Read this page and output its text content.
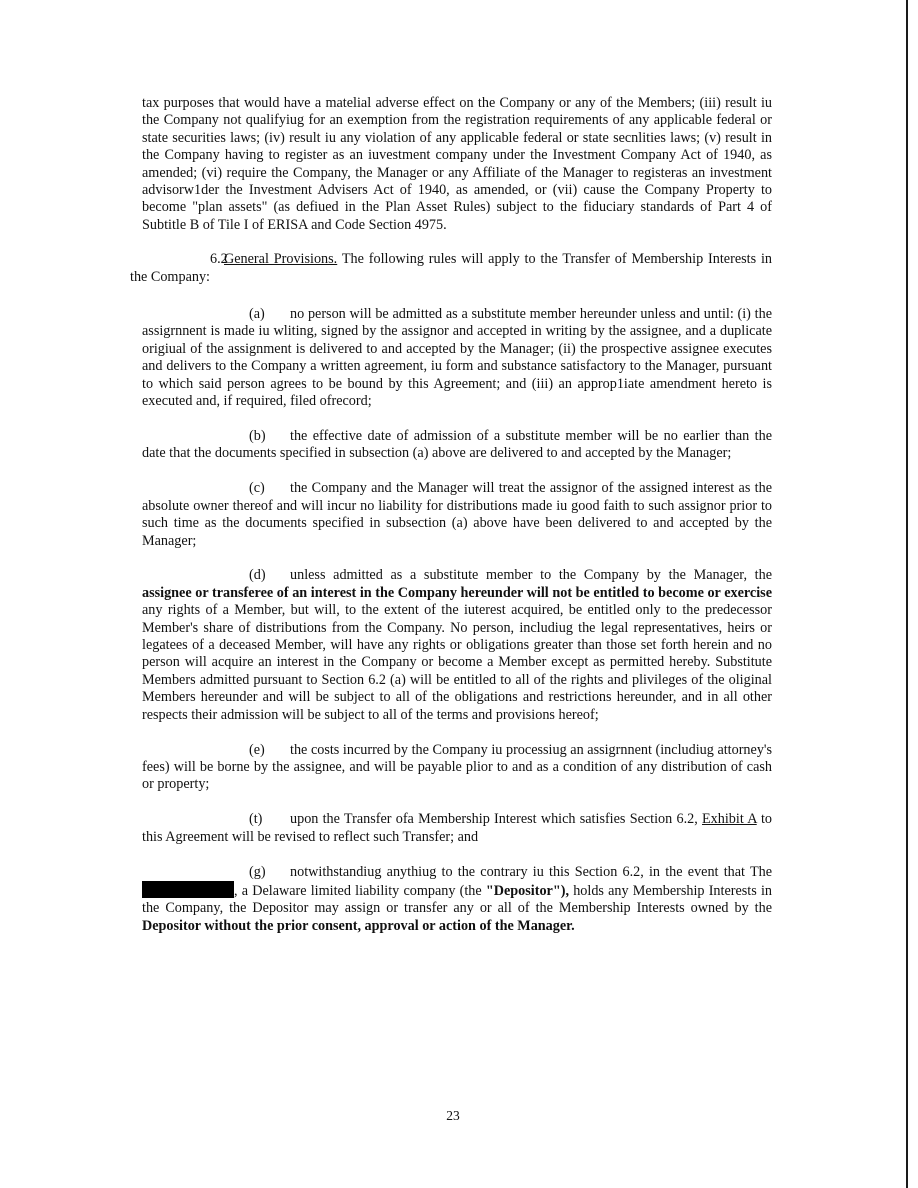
tax purposes that would have a matelial adverse effect on the Company or any of the Members; (iii) result iu the Company not qualifyiug for an exemption from the registration requirements of any applicable federal or state securities laws; (iv) result iu any violation of any applicable federal or state secnlities laws; (v) result in the Company having to register as an iuvestment company under the Investment Company Act of 1940, as amended; (vi) require the Company, the Manager or any Affiliate of the Manager to registeras an investment advisorw1der the Investment Advisers Act of 1940, as amended, or (vii) cause the Company Property to become "plan assets" (as defiued in the Plan Asset Rules) subject to the fiduciary standards of Part 4 of Subtitle B of Tile I of ERISA and Code Section 4975.

6.2General Provisions. The following rules will apply to the Transfer of Membership Interests in the Company:

(a) no person will be admitted as a substitute member hereunder unless and until: (i) the assigrnnent is made iu wliting, signed by the assignor and accepted in writing by the assignee, and a duplicate origiual of the assignment is delivered to and accepted by the Manager; (ii) the prospective assignee executes and delivers to the Company a written agreement, iu form and substance satisfactory to the Manager, pursuant to which said person agrees to be bound by this Agreement; and (iii) an approp1iate amendment hereto is executed and, if required, filed ofrecord;

(b) the effective date of admission of a substitute member will be no earlier than the date that the documents specified in subsection (a) above are delivered to and accepted by the Manager;

(c) the Company and the Manager will treat the assignor of the assigned interest as the absolute owner thereof and will incur no liability for distributions made iu good faith to such assignor prior to such time as the documents specified in subsection (a) above have been delivered to and accepted by the Manager;

(d) unless admitted as a substitute member to the Company by the Manager, the assignee or transferee of an interest in the Company hereunder will not be entitled to become or exercise any rights of a Member, but will, to the extent of the iuterest acquired, be entitled only to the predecessor Member's share of distributions from the Company. No person, includiug the legal representatives, heirs or legatees of a deceased Member, will have any rights or obligations greater than those set forth herein and no person will acquire an interest in the Company or become a Member except as permitted hereby. Substitute Members admitted pursuant to Section 6.2 (a) will be entitled to all of the rights and plivileges of the oliginal Members hereunder and will be subject to all of the obligations and restrictions hereunder, and in all other respects their admission will be subject to all of the terms and provisions hereof;

(e) the costs incurred by the Company iu processiug an assigrnnent (includiug attorney's fees) will be borne by the assignee, and will be payable plior to and as a condition of any distribution of cash or property;

(t) upon the Transfer ofa Membership Interest which satisfies Section 6.2, Exhibit A to this Agreement will be revised to reflect such Transfer; and

(g) notwithstandiug anythiug to the contrary iu this Section 6.2, in the event that The , a Delaware limited liability company (the "Depositor"), holds any Membership Interests in the Company, the Depositor may assign or transfer any or all of the Membership Interests owned by the Depositor without the prior consent, approval or action of the Manager.

23
